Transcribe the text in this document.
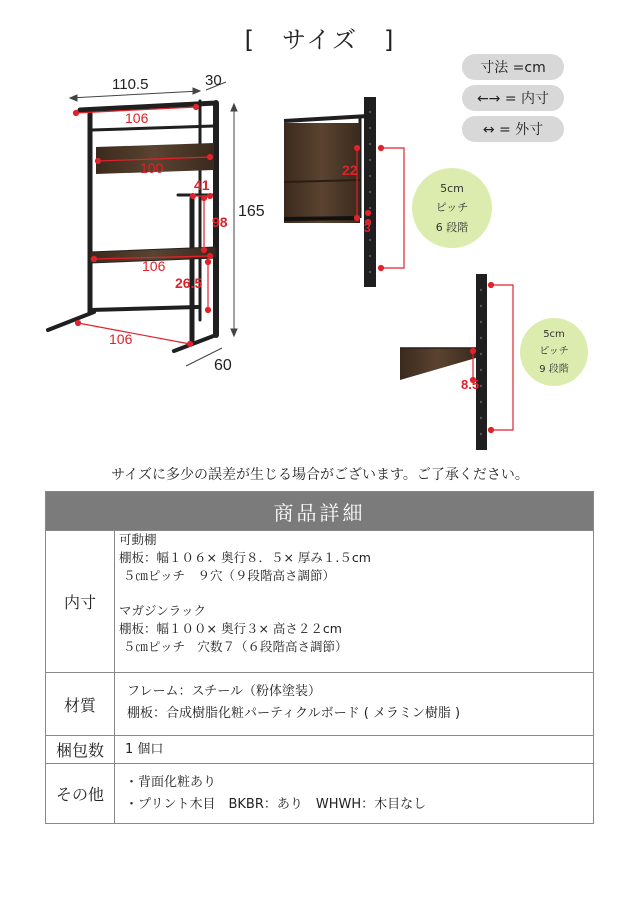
[　サイズ　]
寸法 =cm
←→ = 内寸
↔ = 外寸
110.5	30
165
60
106
100
41
98
106
26.5
106
22
3
8.5
5cm
ピッチ
6 段階
5cm
ピッチ
9 段階
サイズに多少の誤差が生じる場合がございます。ご了承ください。
商品詳細
内寸

可動棚

棚板：幅１０６× 奥行８．５× 厚み１.５cm

５㎝ピッチ　９穴（９段階高さ調節）

マガジンラック

棚板：幅１００× 奥行３× 高さ２２cm

５㎝ピッチ　穴数７（６段階高さ調節）

材質

フレーム：スチール（粉体塗装）

棚板：合成樹脂化粧パーティクルボード ( メラミン樹脂 )

梱包数	1 個口

その他

・背面化粧あり

・プリント木目　BKBR：あり　WHWH：木目なし
